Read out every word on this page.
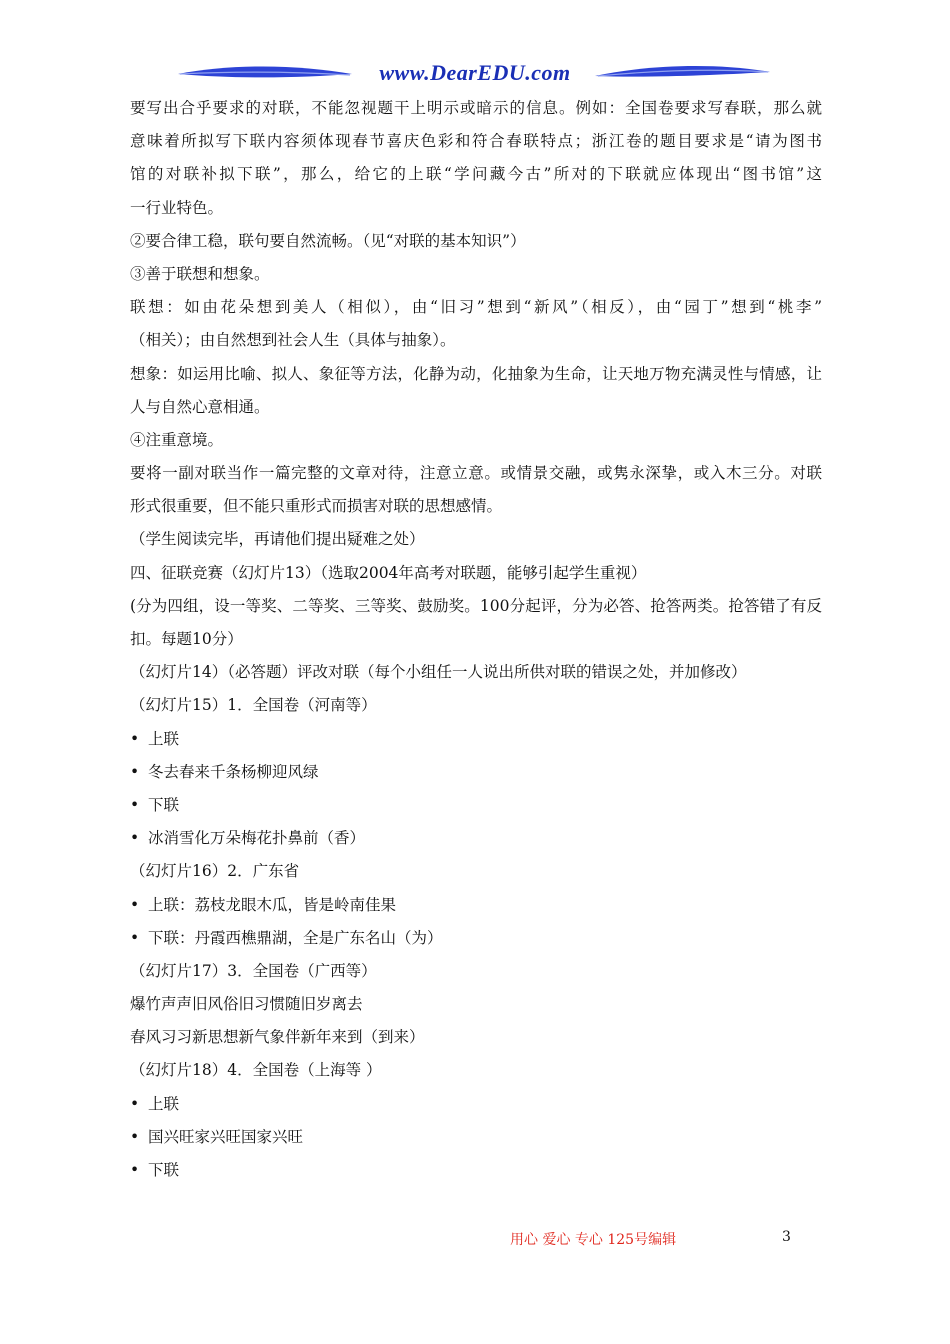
www.DearEDU.com
要写出合乎要求的对联，不能忽视题干上明示或暗示的信息。例如：全国卷要求写春联，那么就
意味着所拟写下联内容须体现春节喜庆色彩和符合春联特点；浙江卷的题目要求是“请为图书
馆的对联补拟下联”，那么，给它的上联“学问藏今古”所对的下联就应体现出“图书馆”这
一行业特色。
②要合律工稳，联句要自然流畅。（见“对联的基本知识”）
③善于联想和想象。
联想：如由花朵想到美人（相似），由“旧习”想到“新风”（相反），由“园丁”想到“桃李”
（相关）；由自然想到社会人生（具体与抽象）。
想象：如运用比喻、拟人、象征等方法，化静为动，化抽象为生命，让天地万物充满灵性与情感，让
人与自然心意相通。
④注重意境。
要将一副对联当作一篇完整的文章对待，注意立意。或情景交融，或隽永深挚，或入木三分。对联
形式很重要，但不能只重形式而损害对联的思想感情。
（学生阅读完毕，再请他们提出疑难之处）
四、征联竞赛（幻灯片13）（选取2004年高考对联题，能够引起学生重视）
(分为四组，设一等奖、二等奖、三等奖、鼓励奖。100分起评，分为必答、抢答两类。抢答错了有反
扣。每题10分）
（幻灯片14）（必答题）评改对联（每个小组任一人说出所供对联的错误之处，并加修改）
（幻灯片15）1．全国卷（河南等）
• 上联
• 冬去春来千条杨柳迎风绿
• 下联
• 冰消雪化万朵梅花扑鼻前（香）
（幻灯片16）2．广东省
• 上联：荔枝龙眼木瓜，皆是岭南佳果
• 下联：丹霞西樵鼎湖，全是广东名山（为）
（幻灯片17）3．全国卷（广西等）
爆竹声声旧风俗旧习惯随旧岁离去
春风习习新思想新气象伴新年来到（到来）
（幻灯片18）4．全国卷（上海等 ）
• 上联
• 国兴旺家兴旺国家兴旺
• 下联
用心 爱心 专心 125号编辑	3
